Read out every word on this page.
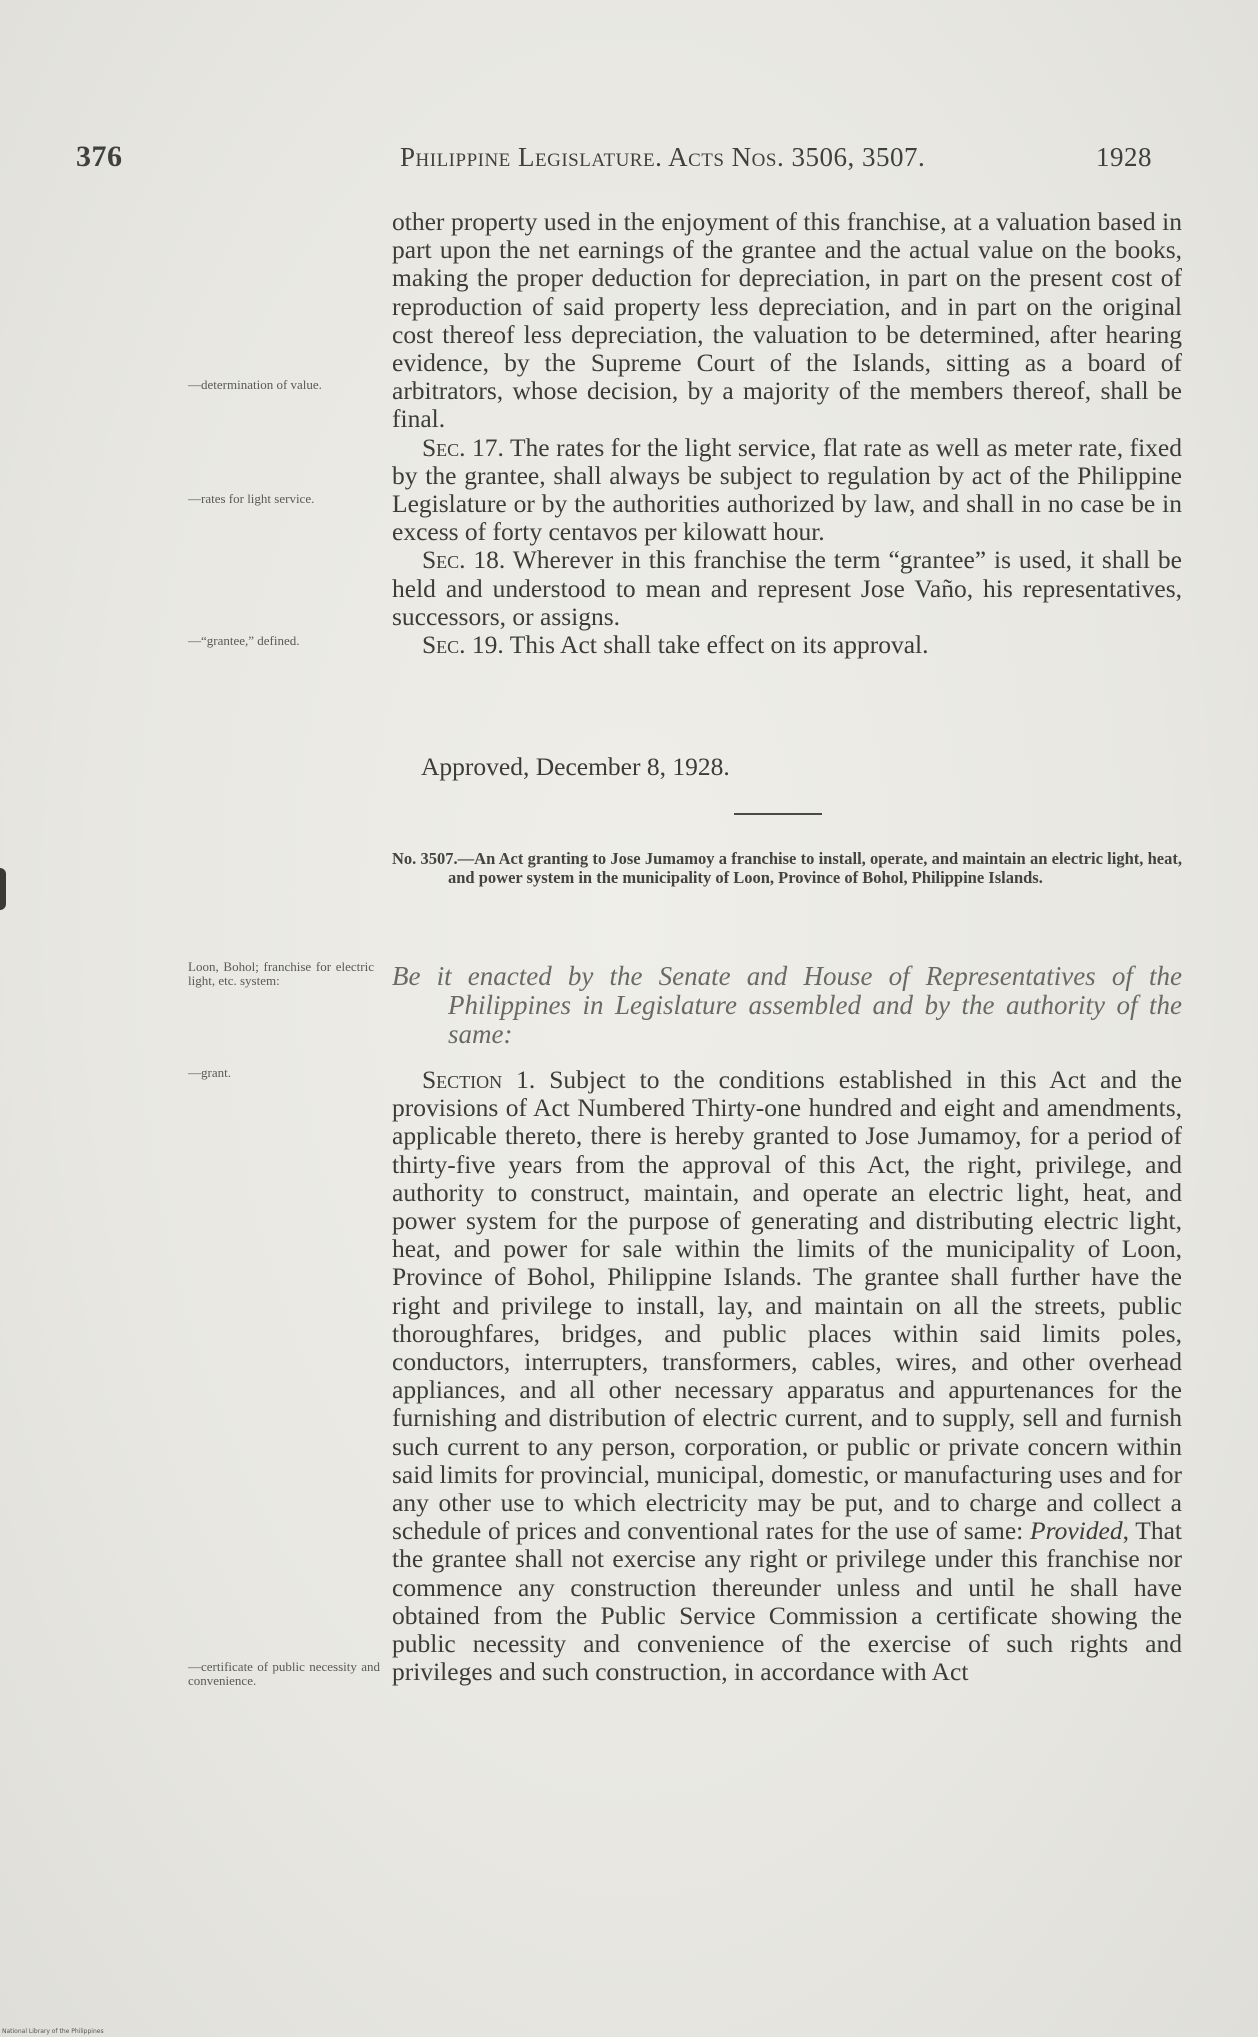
376	Philippine Legislature. Acts Nos. 3506, 3507.	1928

other property used in the enjoyment of this franchise, at a valuation based in part upon the net earnings of the grantee and the actual value on the books, making the proper deduction for depreciation, in part on the present cost of reproduction of said property less depreciation, and in part on the original cost thereof less depreciation, the valuation to be determined, after hearing evidence, by the Supreme Court of the Islands, sitting as a board of arbitrators, whose decision, by a majority of the members thereof, shall be final.

Sec. 17. The rates for the light service, flat rate as well as meter rate, fixed by the grantee, shall always be subject to regulation by act of the Philippine Legislature or by the authorities authorized by law, and shall in no case be in excess of forty centavos per kilowatt hour.

Sec. 18. Wherever in this franchise the term “grantee” is used, it shall be held and understood to mean and represent Jose Vaño, his representatives, successors, or assigns.

Sec. 19. This Act shall take effect on its approval.

Approved, December 8, 1928.
No. 3507.—An Act granting to Jose Jumamoy a franchise to install, operate, and maintain an electric light, heat, and power system in the municipality of Loon, Province of Bohol, Philippine Islands.
Be it enacted by the Senate and House of Representatives of the Philippines in Legislature assembled and by the authority of the same:

Section 1. Subject to the conditions established in this Act and the provisions of Act Numbered Thirty-one hundred and eight and amendments, applicable thereto, there is hereby granted to Jose Jumamoy, for a period of thirty-five years from the approval of this Act, the right, privilege, and authority to construct, maintain, and operate an electric light, heat, and power system for the purpose of generating and distributing electric light, heat, and power for sale within the limits of the municipality of Loon, Province of Bohol, Philippine Islands. The grantee shall further have the right and privilege to install, lay, and maintain on all the streets, public thoroughfares, bridges, and public places within said limits poles, conductors, interrupters, transformers, cables, wires, and other overhead appliances, and all other necessary apparatus and appurtenances for the furnishing and distribution of electric current, and to supply, sell and furnish such current to any person, corporation, or public or private concern within said limits for provincial, municipal, domestic, or manufacturing uses and for any other use to which electricity may be put, and to charge and collect a schedule of prices and conventional rates for the use of same: Provided, That the grantee shall not exercise any right or privilege under this franchise nor commence any construction thereunder unless and until he shall have obtained from the Public Service Commission a certificate showing the public necessity and convenience of the exercise of such rights and privileges and such construction, in accordance with Act

—determination of value.
—rates for light service.
—“grantee,” defined.
Loon, Bohol; franchise for electric light, etc. system:
—grant.
—certificate of public necessity and convenience.
National Library of the Philippines
